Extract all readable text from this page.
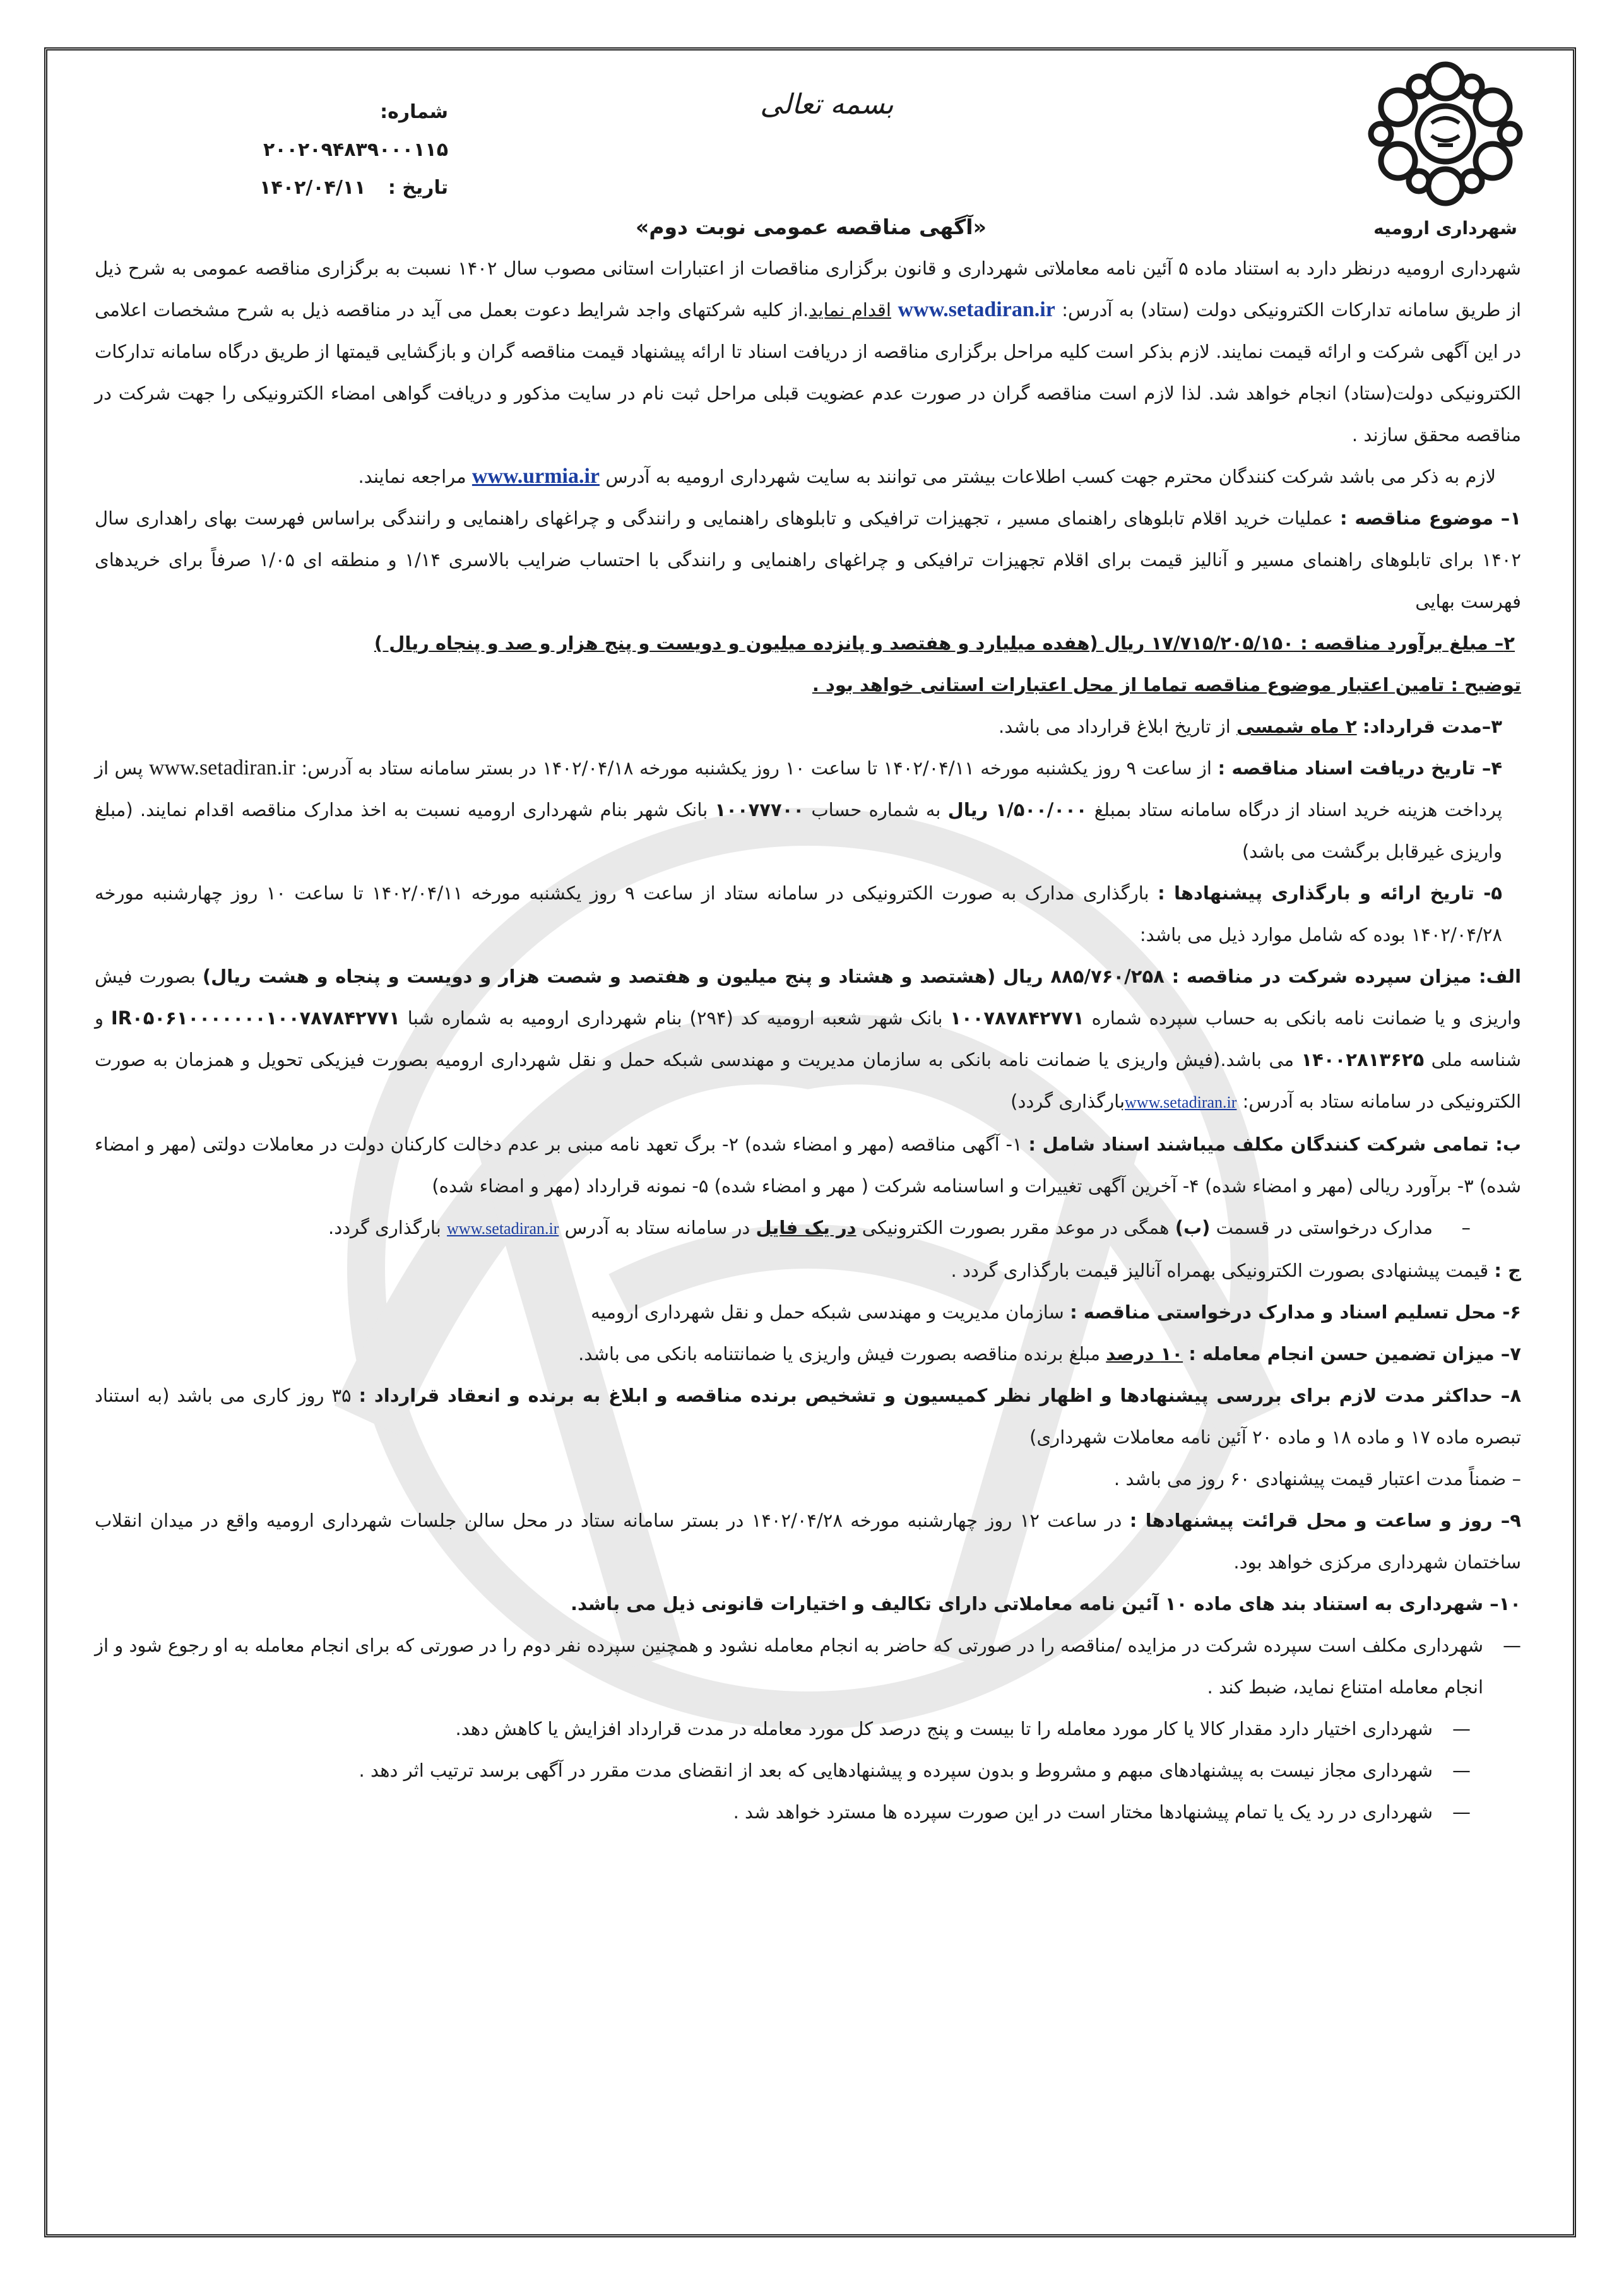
شهرداری ارومیه
بسمه تعالی
شماره: ۲۰۰۲۰۹۴۸۳۹۰۰۰۱۱۵
تاریخ : ۱۴۰۲/۰۴/۱۱
«آگهی مناقصه عمومی نوبت دوم»

شهرداری ارومیه درنظر دارد به استناد ماده ۵ آئین نامه معاملاتی شهرداری و قانون برگزاری مناقصات از اعتبارات استانی مصوب سال ۱۴۰۲ نسبت به برگزاری مناقصه عمومی به شرح ذیل از طریق سامانه تدارکات الکترونیکی دولت (ستاد) به آدرس: www.setadiran.ir اقدام نماید.از کلیه شرکتهای واجد شرایط دعوت بعمل می آید در مناقصه ذیل به شرح مشخصات اعلامی در این آگهی شرکت و ارائه قیمت نمایند. لازم بذکر است کلیه مراحل برگزاری مناقصه از دریافت اسناد تا ارائه پیشنهاد قیمت مناقصه گران و بازگشایی قیمتها از طریق درگاه سامانه تدارکات الکترونیکی دولت(ستاد) انجام خواهد شد. لذا لازم است مناقصه گران در صورت عدم عضویت قبلی مراحل ثبت نام در سایت مذکور و دریافت گواهی امضاء الکترونیکی را جهت شرکت در مناقصه محقق سازند .

لازم به ذکر می باشد شرکت کنندگان محترم جهت کسب اطلاعات بیشتر می توانند به سایت شهرداری ارومیه به آدرس www.urmia.ir مراجعه نمایند.

۱– موضوع مناقصه : عملیات خرید اقلام تابلوهای راهنمای مسیر ، تجهیزات ترافیکی و تابلوهای راهنمایی و رانندگی و چراغهای راهنمایی و رانندگی براساس فهرست بهای راهداری سال ۱۴۰۲ برای تابلوهای راهنمای مسیر و آنالیز قیمت برای اقلام تجهیزات ترافیکی و چراغهای راهنمایی و رانندگی با احتساب ضرایب بالاسری ۱/۱۴ و منطقه ای ۱/۰۵ صرفاً برای خریدهای فهرست بهایی

۲– مبلغ برآورد مناقصه : ۱۷/۷۱۵/۲۰۵/۱۵۰ ریال (هفده میلیارد و هفتصد و پانزده میلیون و دویست و پنج هزار و صد و پنجاه ریال )

توضیح : تامین اعتبار موضوع مناقصه تماما از محل اعتبارات استانی خواهد بود .

۳–مدت قرارداد: ۲ ماه شمسی از تاریخ ابلاغ قرارداد می باشد.

۴– تاریخ دریافت اسناد مناقصه : از ساعت ۹ روز یکشنبه مورخه ۱۴۰۲/۰۴/۱۱ تا ساعت ۱۰ روز یکشنبه مورخه ۱۴۰۲/۰۴/۱۸ در بستر سامانه ستاد به آدرس: www.setadiran.ir پس از پرداخت هزینه خرید اسناد از درگاه سامانه ستاد بمبلغ ۱/۵۰۰/۰۰۰ ریال به شماره حساب ۱۰۰۷۷۷۰۰ بانک شهر بنام شهرداری ارومیه نسبت به اخذ مدارک مناقصه اقدام نمایند. (مبلغ واریزی غیرقابل برگشت می باشد)

۵- تاریخ ارائه و بارگذاری پیشنهادها : بارگذاری مدارک به صورت الکترونیکی در سامانه ستاد از ساعت ۹ روز یکشنبه مورخه ۱۴۰۲/۰۴/۱۱ تا ساعت ۱۰ روز چهارشنبه مورخه ۱۴۰۲/۰۴/۲۸ بوده که شامل موارد ذیل می باشد:

الف: میزان سپرده شرکت در مناقصه : ۸۸۵/۷۶۰/۲۵۸ ریال (هشتصد و هشتاد و پنج میلیون و هفتصد و شصت هزار و دویست و پنجاه و هشت ریال) بصورت فیش واریزی و یا ضمانت نامه بانکی به حساب سپرده شماره ۱۰۰۷۸۷۸۴۲۷۷۱ بانک شهر شعبه ارومیه کد (۲۹۴) بنام شهرداری ارومیه به شماره شبا IR۰۵۰۶۱۰۰۰۰۰۰۰۱۰۰۷۸۷۸۴۲۷۷۱ و شناسه ملی ۱۴۰۰۲۸۱۳۶۲۵ می باشد.(فیش واریزی یا ضمانت نامه بانکی به سازمان مدیریت و مهندسی شبکه حمل و نقل شهرداری ارومیه بصورت فیزیکی تحویل و همزمان به صورت الکترونیکی در سامانه ستاد به آدرس: www.setadiran.irبارگذاری گردد)

ب: تمامی شرکت کنندگان مکلف میباشند اسناد شامل : ۱- آگهی مناقصه (مهر و امضاء شده) ۲- برگ تعهد نامه مبنی بر عدم دخالت کارکنان دولت در معاملات دولتی (مهر و امضاء شده) ۳- برآورد ریالی (مهر و امضاء شده) ۴- آخرین آگهی تغییرات و اساسنامه شرکت ( مهر و امضاء شده) ۵- نمونه قرارداد (مهر و امضاء شده)

–
مدارک درخواستی در قسمت (ب) همگی در موعد مقرر بصورت الکترونیکی در یک فایل در سامانه ستاد به آدرس www.setadiran.ir بارگذاری گردد.

ج : قیمت پیشنهادی بصورت الکترونیکی بهمراه آنالیز قیمت بارگذاری گردد .

۶- محل تسلیم اسناد و مدارک درخواستی مناقصه : سازمان مدیریت و مهندسی شبکه حمل و نقل شهرداری ارومیه

۷– میزان تضمین حسن انجام معامله : ۱۰ درصد مبلغ برنده مناقصه بصورت فیش واریزی یا ضمانتنامه بانکی می باشد.

۸– حداکثر مدت لازم برای بررسی پیشنهادها و اظهار نظر کمیسیون و تشخیص برنده مناقصه و ابلاغ به برنده و انعقاد قرارداد : ۳۵ روز کاری می باشد (به استناد تبصره ماده ۱۷ و ماده ۱۸ و ماده ۲۰ آئین نامه معاملات شهرداری)

– ضمناً مدت اعتبار قیمت پیشنهادی ۶۰ روز می باشد .

۹– روز و ساعت و محل قرائت پیشنهادها : در ساعت ۱۲ روز چهارشنبه مورخه ۱۴۰۲/۰۴/۲۸ در بستر سامانه ستاد در محل سالن جلسات شهرداری ارومیه واقع در میدان انقلاب ساختمان شهرداری مرکزی خواهد بود.

۱۰– شهرداری به استناد بند های ماده ۱۰ آئین نامه معاملاتی دارای تکالیف و اختیارات قانونی ذیل می باشد.

—
شهرداری مکلف است سپرده شرکت در مزایده /مناقصه را در صورتی که حاضر به انجام معامله نشود و همچنین سپرده نفر دوم را در صورتی که برای انجام معامله به او رجوع شود و از انجام معامله امتناع نماید، ضبط کند .

—
شهرداری اختیار دارد مقدار کالا یا کار مورد معامله را تا بیست و پنج درصد کل مورد معامله در مدت قرارداد افزایش یا کاهش دهد.

—
شهرداری مجاز نیست به پیشنهادهای مبهم و مشروط و بدون سپرده و پیشنهادهایی که بعد از انقضای مدت مقرر در آگهی برسد ترتیب اثر دهد .

—
شهرداری در رد یک یا تمام پیشنهادها مختار است در این صورت سپرده ها مسترد خواهد شد .
